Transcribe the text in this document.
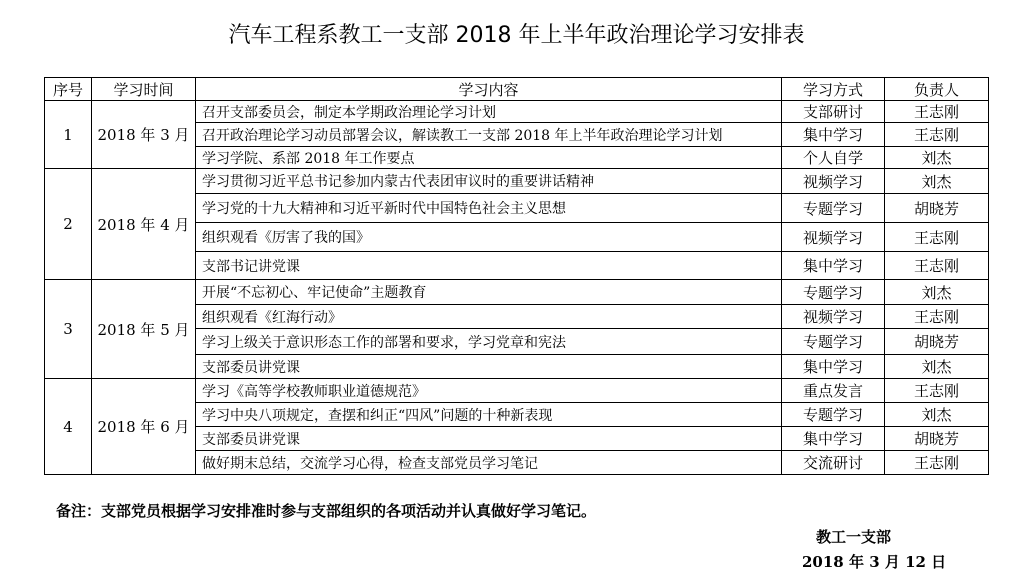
汽车工程系教工一支部 2018 年上半年政治理论学习安排表
序号	学习时间	学习内容	学习方式	负责人
1	2018 年 3 月	召开支部委员会，制定本学期政治理论学习计划	支部研讨	王志刚
		召开政治理论学习动员部署会议，解读教工一支部 2018 年上半年政治理论学习计划	集中学习	王志刚
		学习学院、系部 2018 年工作要点	个人自学	刘杰
2	2018 年 4 月	学习贯彻习近平总书记参加内蒙古代表团审议时的重要讲话精神	视频学习	刘杰
		学习党的十九大精神和习近平新时代中国特色社会主义思想	专题学习	胡晓芳
		组织观看《厉害了我的国》	视频学习	王志刚
		支部书记讲党课	集中学习	王志刚
3	2018 年 5 月	开展“不忘初心、牢记使命”主题教育	专题学习	刘杰
		组织观看《红海行动》	视频学习	王志刚
		学习上级关于意识形态工作的部署和要求，学习党章和宪法	专题学习	胡晓芳
		支部委员讲党课	集中学习	刘杰
4	2018 年 6 月	学习《高等学校教师职业道德规范》	重点发言	王志刚
		学习中央八项规定，查摆和纠正“四风”问题的十种新表现	专题学习	刘杰
		支部委员讲党课	集中学习	胡晓芳
		做好期末总结，交流学习心得，检查支部党员学习笔记	交流研讨	王志刚
备注：支部党员根据学习安排准时参与支部组织的各项活动并认真做好学习笔记。
教工一支部
2018 年 3 月 12 日
